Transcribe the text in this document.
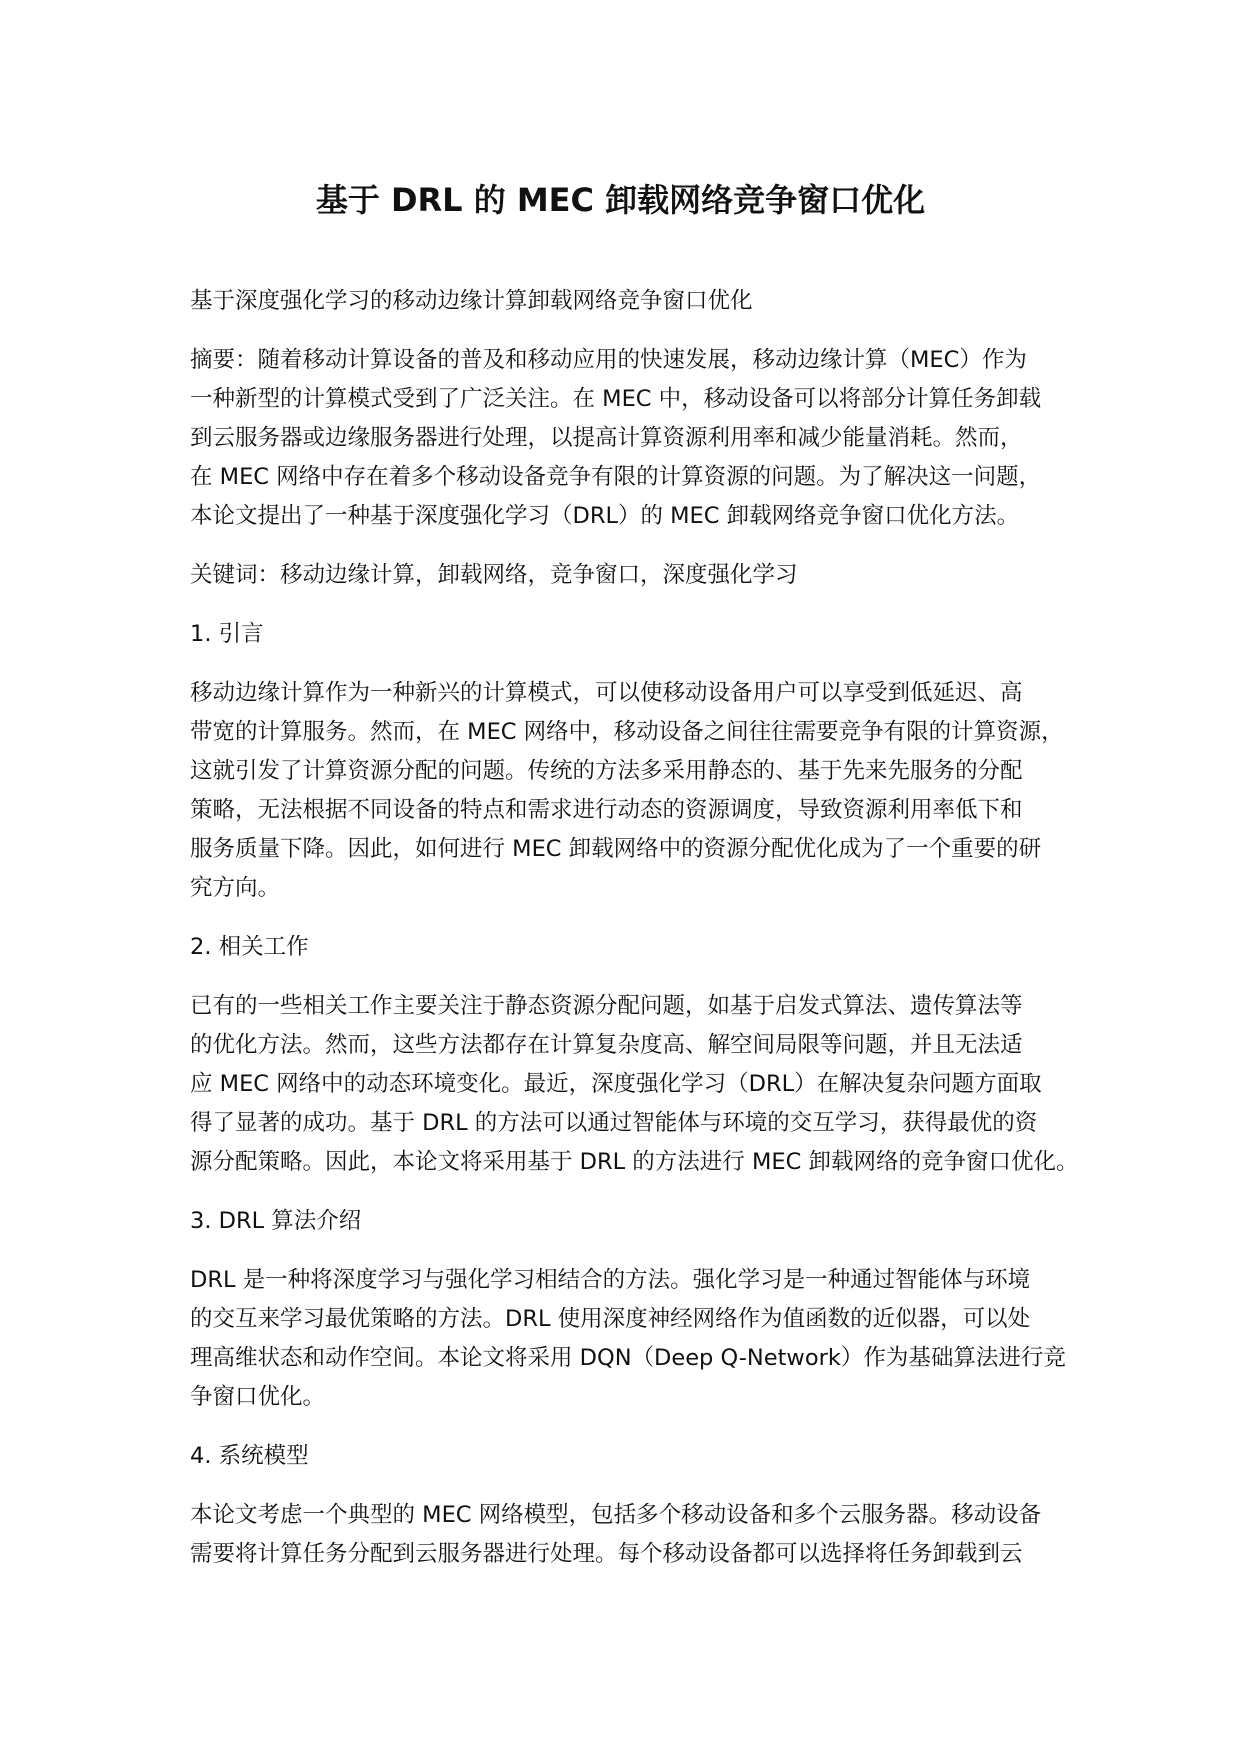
基于 DRL 的 MEC 卸载网络竞争窗口优化

基于深度强化学习的移动边缘计算卸载网络竞争窗口优化

摘要：随着移动计算设备的普及和移动应用的快速发展，移动边缘计算（MEC）作为
一种新型的计算模式受到了广泛关注。在 MEC 中，移动设备可以将部分计算任务卸载
到云服务器或边缘服务器进行处理，以提高计算资源利用率和减少能量消耗。然而，
在 MEC 网络中存在着多个移动设备竞争有限的计算资源的问题。为了解决这一问题，
本论文提出了一种基于深度强化学习（DRL）的 MEC 卸载网络竞争窗口优化方法。

关键词：移动边缘计算，卸载网络，竞争窗口，深度强化学习

1. 引言

移动边缘计算作为一种新兴的计算模式，可以使移动设备用户可以享受到低延迟、高
带宽的计算服务。然而，在 MEC 网络中，移动设备之间往往需要竞争有限的计算资源，
这就引发了计算资源分配的问题。传统的方法多采用静态的、基于先来先服务的分配
策略，无法根据不同设备的特点和需求进行动态的资源调度，导致资源利用率低下和
服务质量下降。因此，如何进行 MEC 卸载网络中的资源分配优化成为了一个重要的研
究方向。

2. 相关工作

已有的一些相关工作主要关注于静态资源分配问题，如基于启发式算法、遗传算法等
的优化方法。然而，这些方法都存在计算复杂度高、解空间局限等问题，并且无法适
应 MEC 网络中的动态环境变化。最近，深度强化学习（DRL）在解决复杂问题方面取
得了显著的成功。基于 DRL 的方法可以通过智能体与环境的交互学习，获得最优的资
源分配策略。因此，本论文将采用基于 DRL 的方法进行 MEC 卸载网络的竞争窗口优化。

3. DRL 算法介绍

DRL 是一种将深度学习与强化学习相结合的方法。强化学习是一种通过智能体与环境
的交互来学习最优策略的方法。DRL 使用深度神经网络作为值函数的近似器，可以处
理高维状态和动作空间。本论文将采用 DQN（Deep Q-Network）作为基础算法进行竞
争窗口优化。

4. 系统模型

本论文考虑一个典型的 MEC 网络模型，包括多个移动设备和多个云服务器。移动设备
需要将计算任务分配到云服务器进行处理。每个移动设备都可以选择将任务卸载到云
